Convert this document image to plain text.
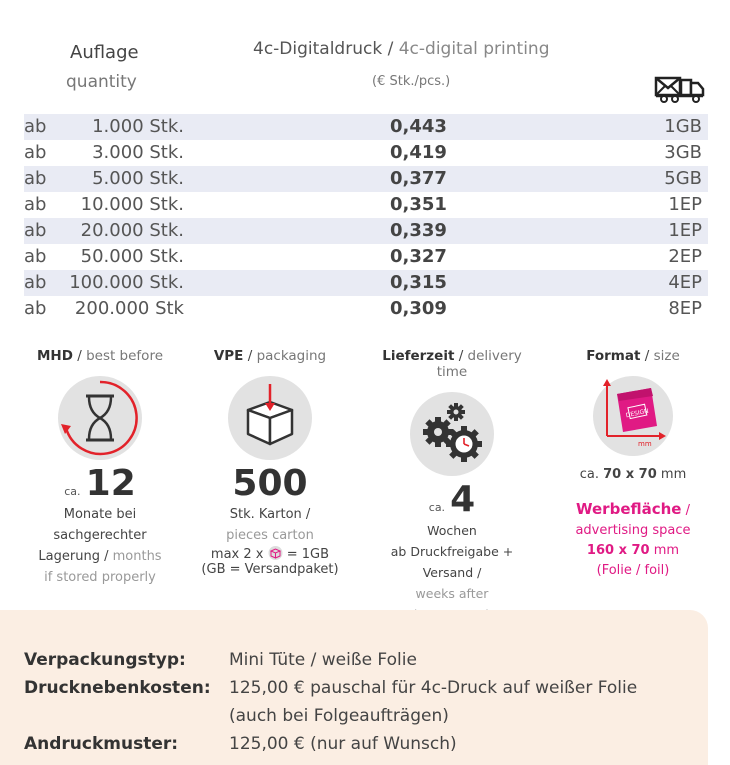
Auflage
quantity
4c-Digitaldruck / 4c-digital printing
(€ Stk./pcs.)
ab	1.000 Stk.	0,443	1GB
ab	3.000 Stk.	0,419	3GB
ab	5.000 Stk.	0,377	5GB
ab 10.000 Stk.	0,351	1EP
ab 20.000 Stk.	0,339	1EP
ab 50.000 Stk.	0,327	2EP
ab 100.000 Stk.	0,315	4EP
ab 200.000 Stk	0,309	8EP
MHD / best before
ca. 12
Monate bei
sachgerechter
Lagerung / months
if stored properly
VPE / packaging
500
Stk. Karton /
pieces carton
max 2 x = 1GB
(GB = Versandpaket)
Lieferzeit / delivery time
ca. 4
Wochen
ab Druckfreigabe + Versand /
weeks after
Format / size
DESIGN
mm
ca. 70 x 70 mm
Werbefläche /
advertising space
160 x 70 mm
(Folie / foil)
Verpackungstyp:	Mini Tüte / weiße Folie
Drucknebenkosten: 125,00 € pauschal für 4c-Druck auf weißer Folie
(auch bei Folgeaufträgen)
Andruckmuster:	125,00 € (nur auf Wunsch)
